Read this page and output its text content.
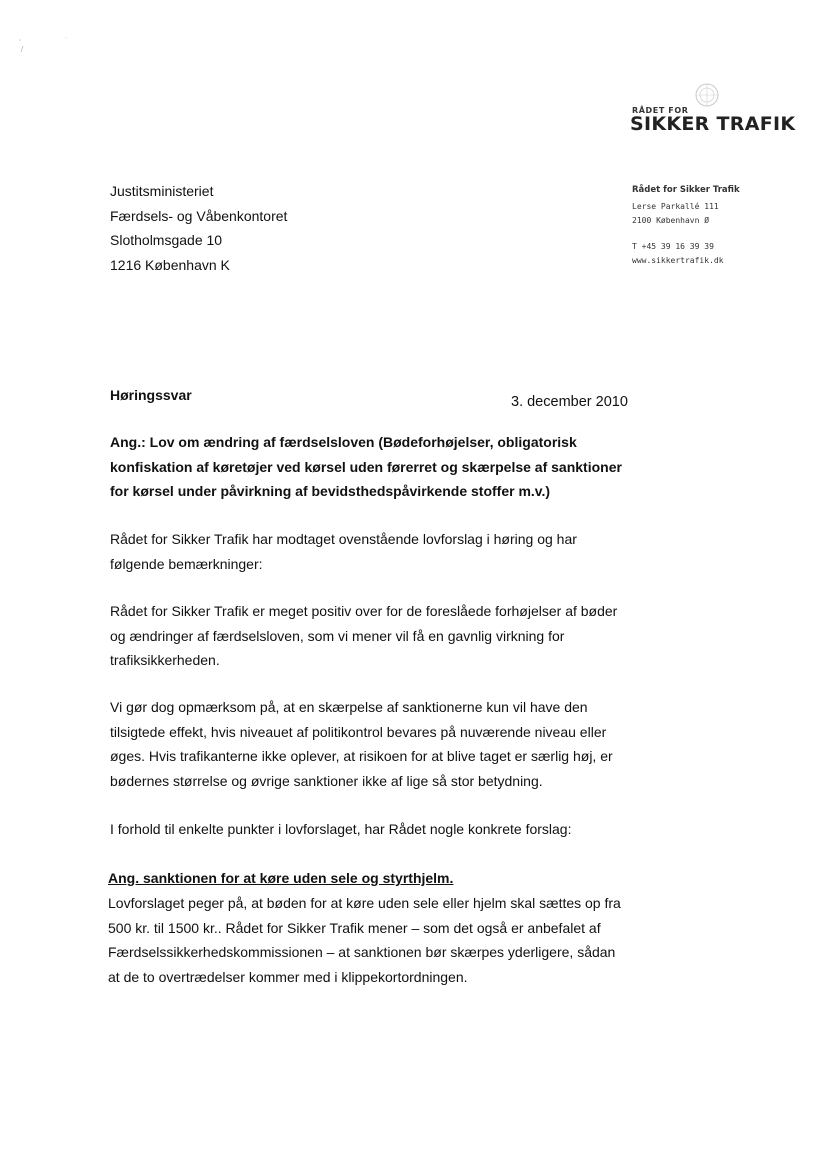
RÅDET FOR
SIKKER TRAFIK
Rådet for Sikker Trafik
Lerse Parkallé 111
2100 København Ø
T +45 39 16 39 39
www.sikkertrafik.dk
Justitsministeriet
Færdsels- og Våbenkontoret
Slotholmsgade 10
1216 København K
Høringssvar	3. december 2010
Ang.: Lov om ændring af færdselsloven (Bødeforhøjelser, obligatorisk
konfiskation af køretøjer ved kørsel uden førerret og skærpelse af sanktioner
for kørsel under påvirkning af bevidsthedspåvirkende stoffer m.v.)
Rådet for Sikker Trafik har modtaget ovenstående lovforslag i høring og har
følgende bemærkninger:
Rådet for Sikker Trafik er meget positiv over for de foreslåede forhøjelser af bøder
og ændringer af færdselsloven, som vi mener vil få en gavnlig virkning for
trafiksikkerheden.
Vi gør dog opmærksom på, at en skærpelse af sanktionerne kun vil have den
tilsigtede effekt, hvis niveauet af politikontrol bevares på nuværende niveau eller
øges. Hvis trafikanterne ikke oplever, at risikoen for at blive taget er særlig høj, er
bødernes størrelse og øvrige sanktioner ikke af lige så stor betydning.
I forhold til enkelte punkter i lovforslaget, har Rådet nogle konkrete forslag:
Ang. sanktionen for at køre uden sele og styrthjelm.
Lovforslaget peger på, at bøden for at køre uden sele eller hjelm skal sættes op fra
500 kr. til 1500 kr.. Rådet for Sikker Trafik mener – som det også er anbefalet af
Færdselssikkerhedskommissionen – at sanktionen bør skærpes yderligere, sådan
at de to overtrædelser kommer med i klippekortordningen.
